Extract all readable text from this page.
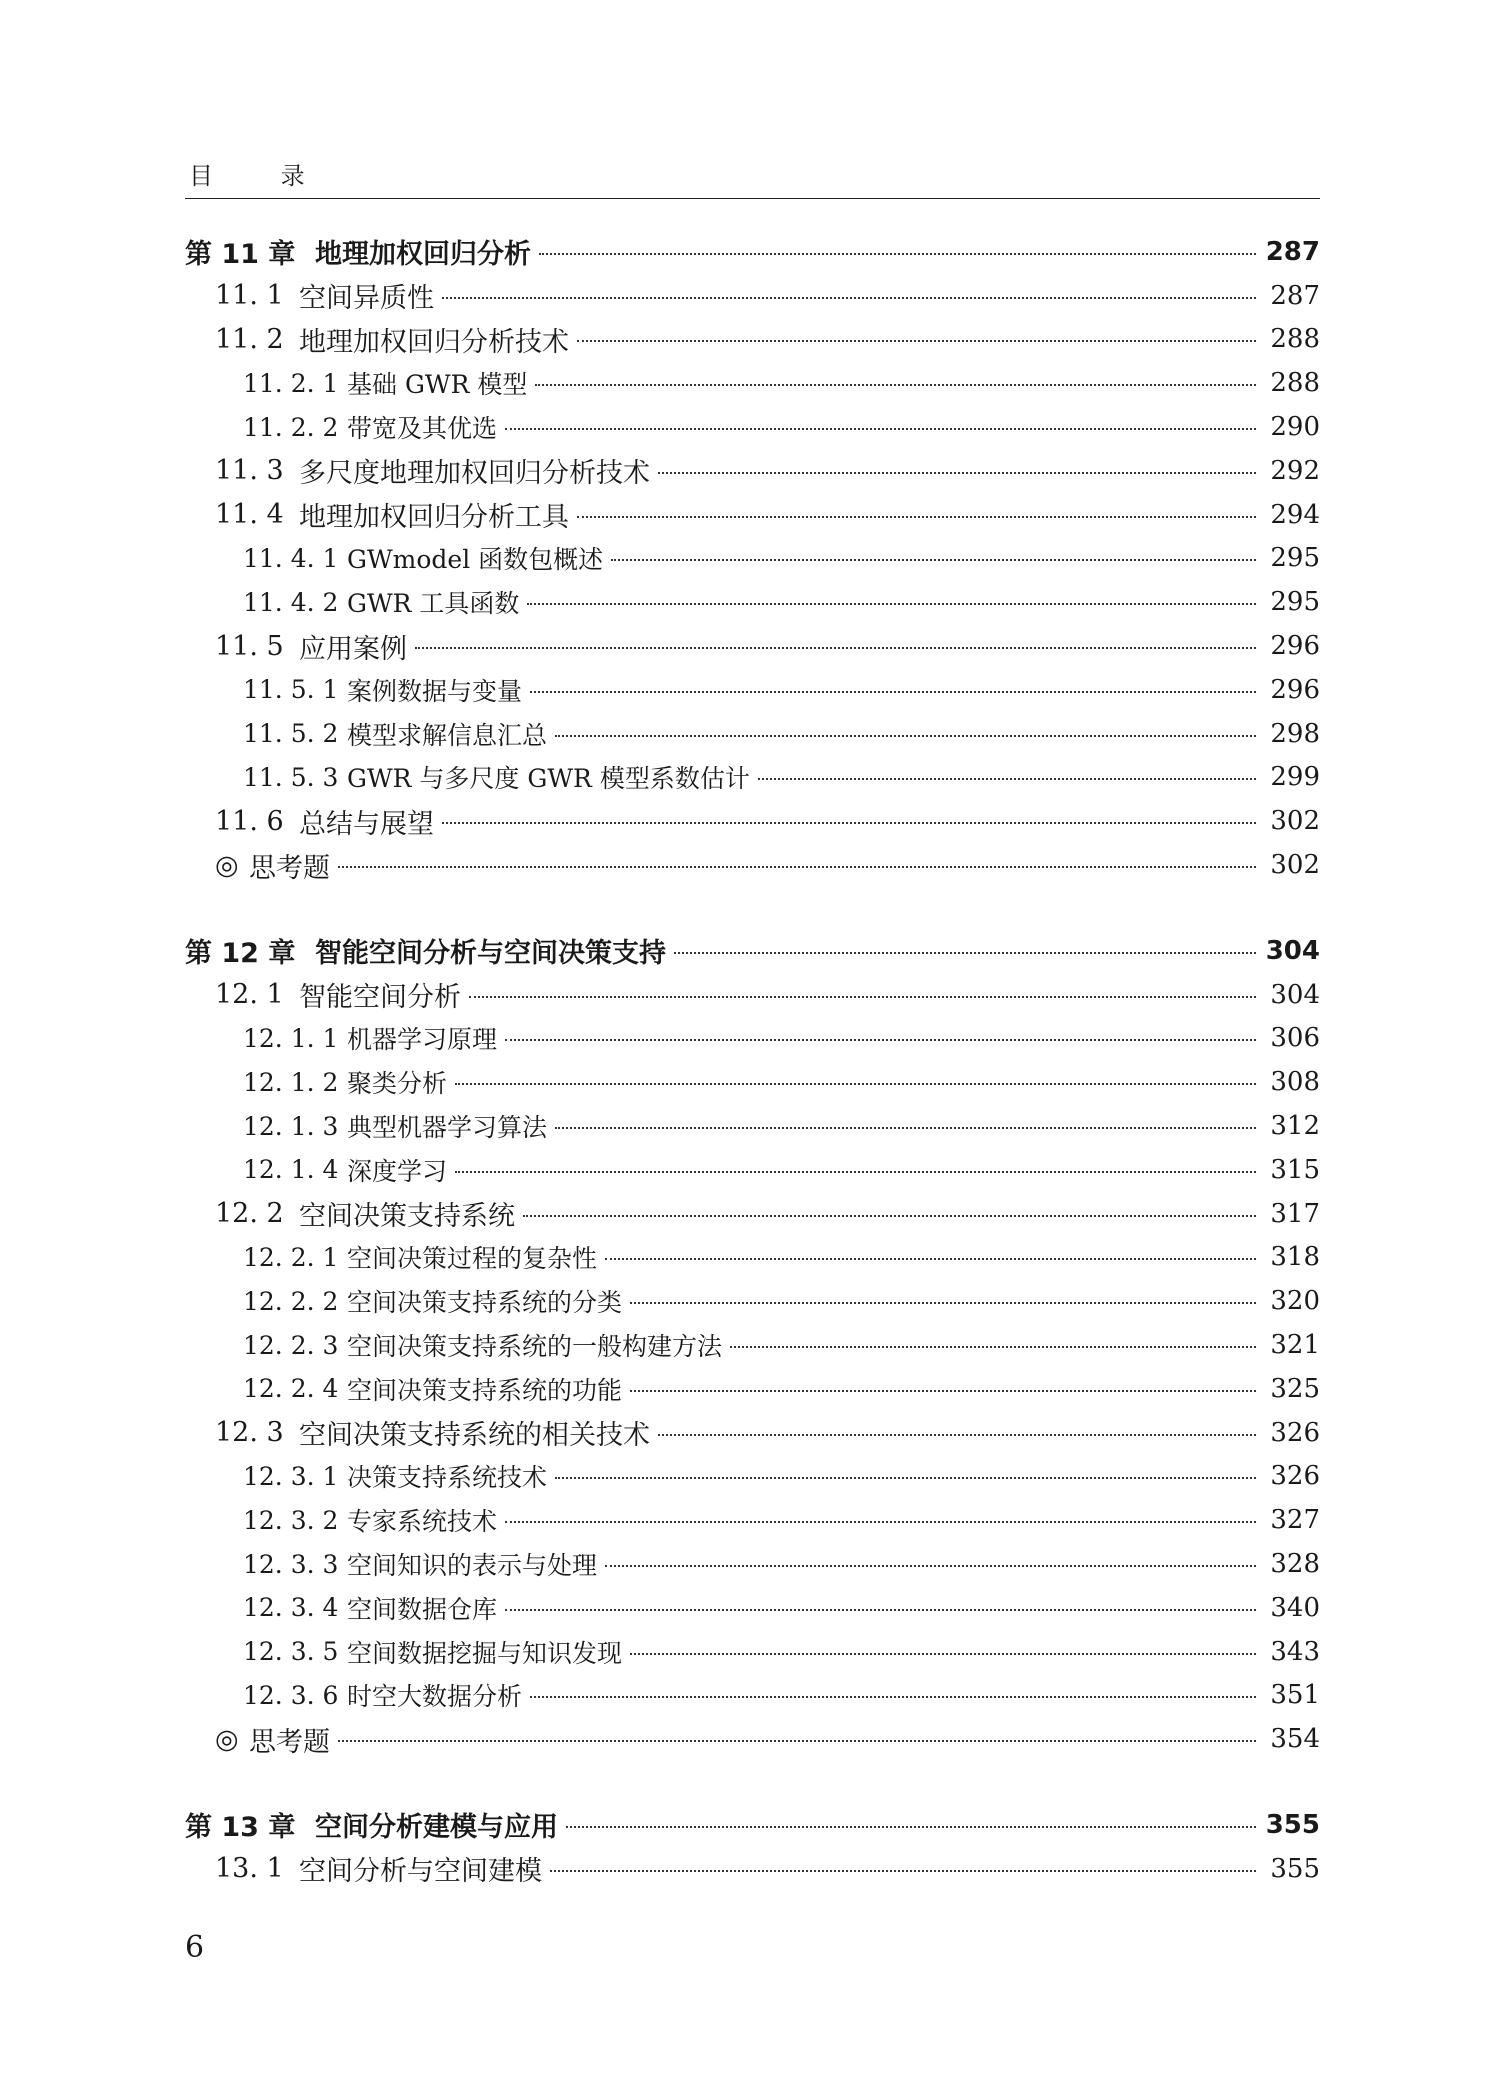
目 录
第 11 章 地理加权回归分析	287
11. 1 空间异质性	287
11. 2 地理加权回归分析技术	288
11. 2. 1 基础 GWR 模型	288
11. 2. 2 带宽及其优选	290
11. 3 多尺度地理加权回归分析技术	292
11. 4 地理加权回归分析工具	294
11. 4. 1 GWmodel 函数包概述	295
11. 4. 2 GWR 工具函数	295
11. 5 应用案例	296
11. 5. 1 案例数据与变量	296
11. 5. 2 模型求解信息汇总	298
11. 5. 3 GWR 与多尺度 GWR 模型系数估计	299
11. 6 总结与展望	302
◎ 思考题	302
第 12 章 智能空间分析与空间决策支持	304
12. 1 智能空间分析	304
12. 1. 1 机器学习原理	306
12. 1. 2 聚类分析	308
12. 1. 3 典型机器学习算法	312
12. 1. 4 深度学习	315
12. 2 空间决策支持系统	317
12. 2. 1 空间决策过程的复杂性	318
12. 2. 2 空间决策支持系统的分类	320
12. 2. 3 空间决策支持系统的一般构建方法	321
12. 2. 4 空间决策支持系统的功能	325
12. 3 空间决策支持系统的相关技术	326
12. 3. 1 决策支持系统技术	326
12. 3. 2 专家系统技术	327
12. 3. 3 空间知识的表示与处理	328
12. 3. 4 空间数据仓库	340
12. 3. 5 空间数据挖掘与知识发现	343
12. 3. 6 时空大数据分析	351
◎ 思考题	354
第 13 章 空间分析建模与应用	355
13. 1 空间分析与空间建模	355
6
